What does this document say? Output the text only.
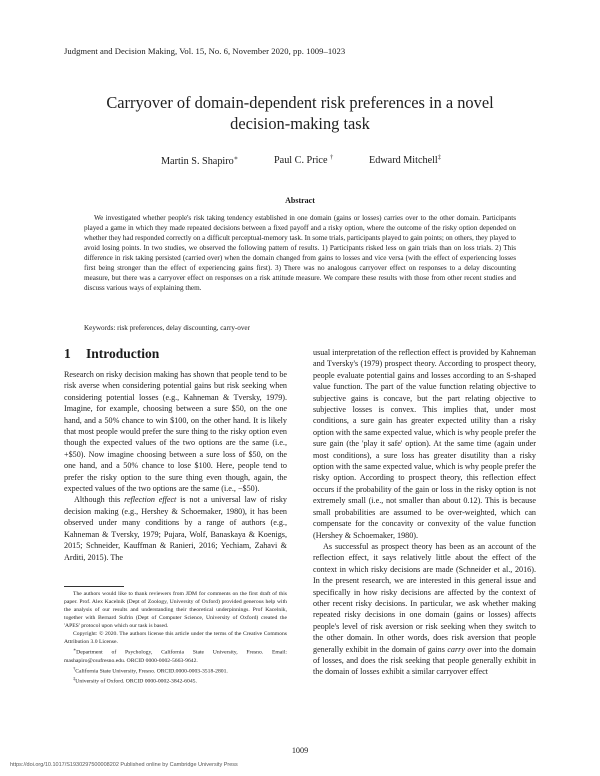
Judgment and Decision Making, Vol. 15, No. 6, November 2020, pp. 1009–1023
Carryover of domain-dependent risk preferences in a novel
decision-making task
Martin S. Shapiro∗	Paul C. Price †	Edward Mitchell‡
Abstract
We investigated whether people's risk taking tendency established in one domain (gains or losses) carries over to the other domain. Participants played a game in which they made repeated decisions between a fixed payoff and a risky option, where the outcome of the risky option depended on whether they had responded correctly on a difficult perceptual-memory task. In some trials, participants played to gain points; on others, they played to avoid losing points. In two studies, we observed the following pattern of results. 1) Participants risked less on gain trials than on loss trials. 2) This difference in risk taking persisted (carried over) when the domain changed from gains to losses and vice versa (with the effect of experiencing losses first being stronger than the effect of experiencing gains first). 3) There was no analogous carryover effect on responses to a delay discounting measure, but there was a carryover effect on responses on a risk attitude measure. We compare these results with those from other recent studies and discuss various ways of explaining them.
Keywords: risk preferences, delay discounting, carry-over
1 Introduction

Research on risky decision making has shown that people tend to be risk averse when considering potential gains but risk seeking when considering potential losses (e.g., Kahneman & Tversky, 1979). Imagine, for example, choosing between a sure $50, on the one hand, and a 50% chance to win $100, on the other hand. It is likely that most people would prefer the sure thing to the risky option even though the expected values of the two options are the same (i.e., +$50). Now imagine choosing between a sure loss of $50, on the one hand, and a 50% chance to lose $100. Here, people tend to prefer the risky option to the sure thing even though, again, the expected values of the two options are the same (i.e., −$50).

Although this reflection effect is not a universal law of risky decision making (e.g., Hershey & Schoemaker, 1980), it has been observed under many conditions by a range of authors (e.g., Kahneman & Tversky, 1979; Pujara, Wolf, Banaskaya & Koenigs, 2015; Schneider, Kauffman & Ranieri, 2016; Yechiam, Zahavi & Arditi, 2015). The

usual interpretation of the reflection effect is provided by Kahneman and Tversky's (1979) prospect theory. According to prospect theory, people evaluate potential gains and losses according to an S-shaped value function. The part of the value function relating objective to subjective gains is concave, but the part relating objective to subjective losses is convex. This implies that, under most conditions, a sure gain has greater expected utility than a risky option with the same expected value, which is why people prefer the sure gain (the 'play it safe' option). At the same time (again under most conditions), a sure loss has greater disutility than a risky option with the same expected value, which is why people prefer the risky option. According to prospect theory, this reflection effect occurs if the probability of the gain or loss in the risky option is not extremely small (i.e., not smaller than about 0.12). This is because small probabilities are assumed to be over-weighted, which can compensate for the concavity or convexity of the value function (Hershey & Schoemaker, 1980).

As successful as prospect theory has been as an account of the reflection effect, it says relatively little about the effect of the context in which risky decisions are made (Schneider et al., 2016). In the present research, we are interested in this general issue and specifically in how risky decisions are affected by the context of other recent risky decisions. In particular, we ask whether making repeated risky decisions in one domain (gains or losses) affects people's level of risk aversion or risk seeking when they switch to the other domain. In other words, does risk aversion that people generally exhibit in the domain of gains carry over into the domain of losses, and does the risk seeking that people generally exhibit in the domain of losses exhibit a similar carryover effect

The authors would like to thank reviewers from JDM for comments on the first draft of this paper. Prof. Alex Kacelnik (Dept of Zoology, University of Oxford) provided generous help with the analysis of our results and understanding their theoretical underpinnings. Prof Kacelnik, together with Bernard Sufrin (Dept of Computer Science, University of Oxford) created the 'APES' protocol upon which our task is based.

Copyright: © 2020. The authors license this article under the terms of the Creative Commons Attribution 3.0 License.

∗Department of Psychology, California State University, Fresno. Email: mashapiro@csufresno.edu. ORCID 0000-0002-5663-9642.

†California State University, Fresno. ORCID.0000-0003-3518-2801.

‡University of Oxford. ORCID 0000-0002-3842-6045.

1009
https://doi.org/10.1017/S1930297500008202 Published online by Cambridge University Press
